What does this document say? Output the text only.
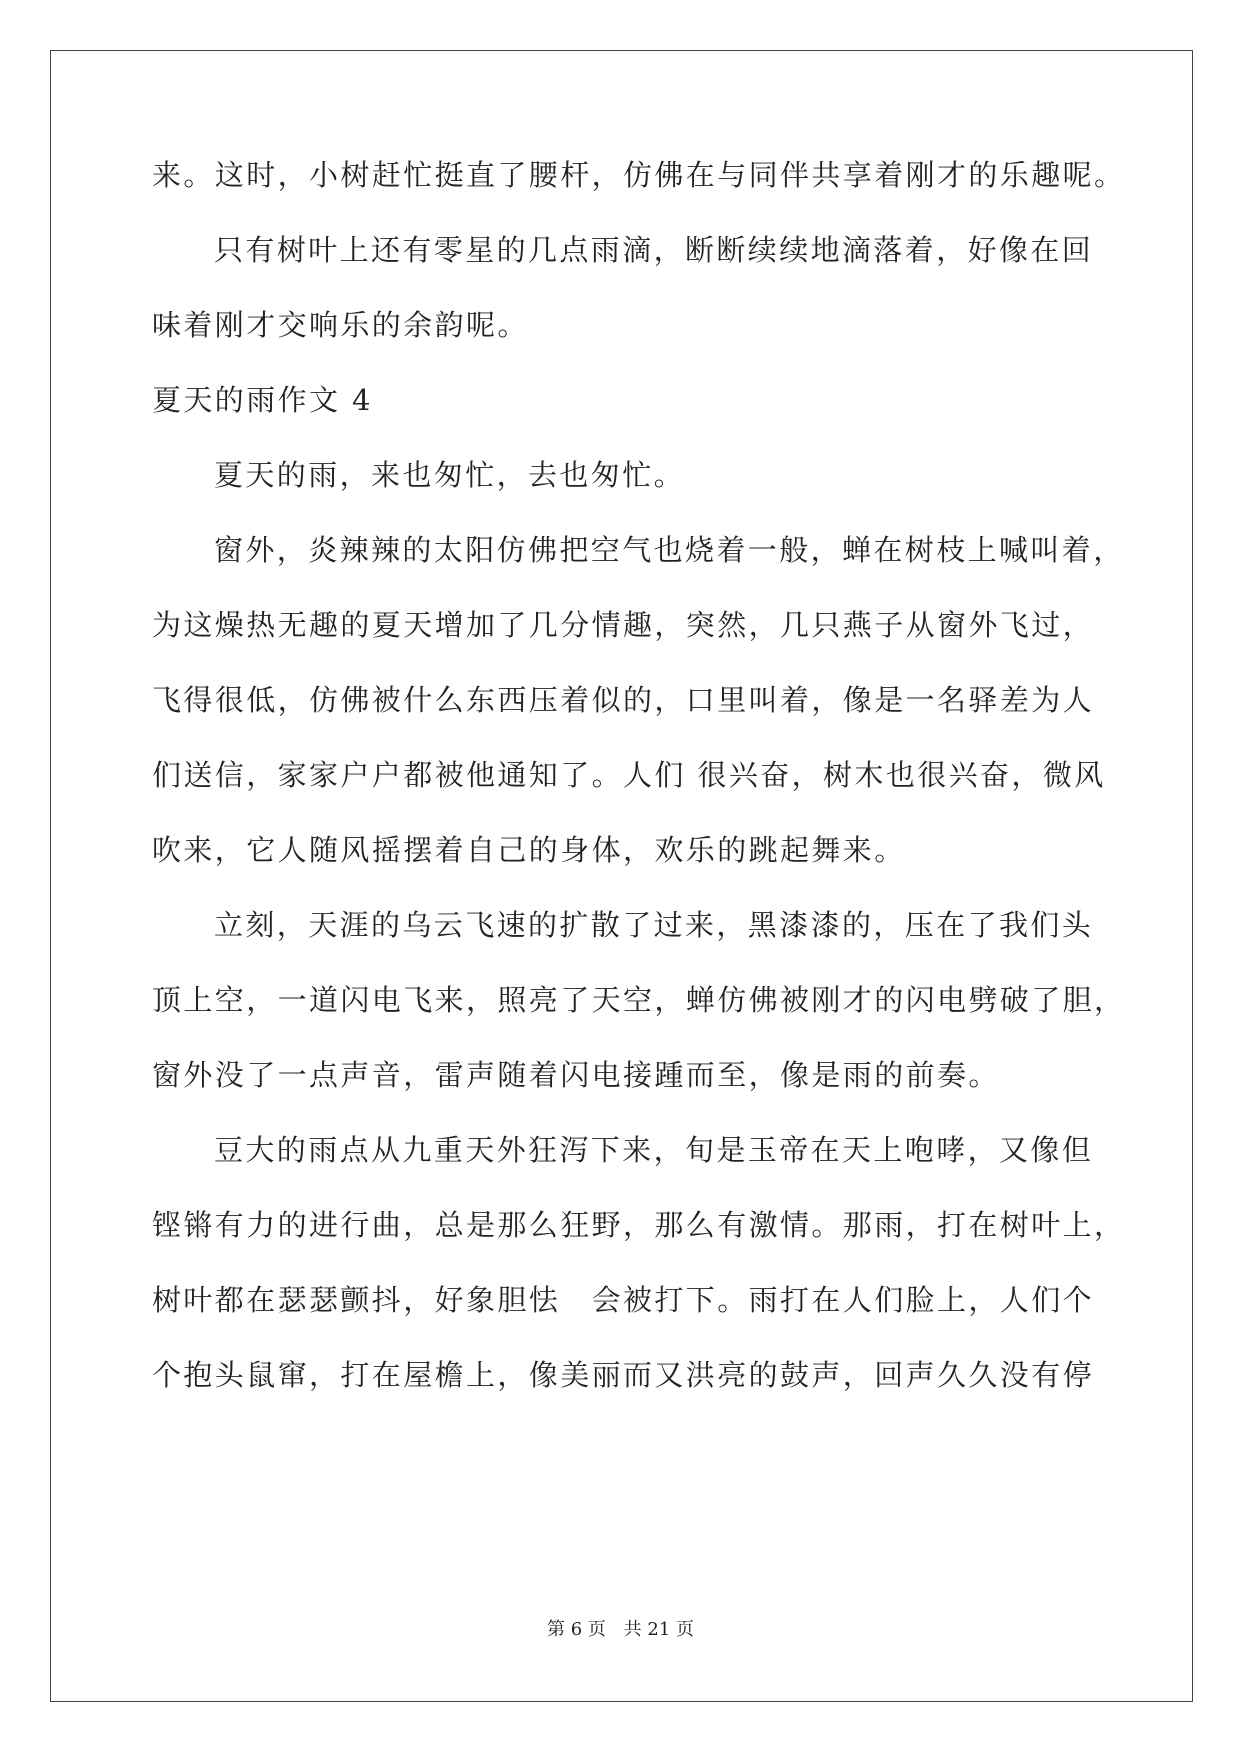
来。这时，小树赶忙挺直了腰杆，仿佛在与同伴共享着刚才的乐趣呢。
只有树叶上还有零星的几点雨滴，断断续续地滴落着，好像在回
味着刚才交响乐的余韵呢。
夏天的雨作文 4
夏天的雨，来也匆忙，去也匆忙。
窗外，炎辣辣的太阳仿佛把空气也烧着一般，蝉在树枝上喊叫着，
为这燥热无趣的夏天增加了几分情趣，突然，几只燕子从窗外飞过，
飞得很低，仿佛被什么东西压着似的，口里叫着，像是一名驿差为人
们送信，家家户户都被他通知了。人们 很兴奋，树木也很兴奋，微风
吹来，它人随风摇摆着自己的身体，欢乐的跳起舞来。
立刻，天涯的乌云飞速的扩散了过来，黑漆漆的，压在了我们头
顶上空，一道闪电飞来，照亮了天空，蝉仿佛被刚才的闪电劈破了胆，
窗外没了一点声音，雷声随着闪电接踵而至，像是雨的前奏。
豆大的雨点从九重天外狂泻下来，旬是玉帝在天上咆哮，又像但
铿锵有力的进行曲，总是那么狂野，那么有激情。那雨，打在树叶上，
树叶都在瑟瑟颤抖，好象胆怯　会被打下。雨打在人们脸上，人们个
个抱头鼠窜，打在屋檐上，像美丽而又洪亮的鼓声，回声久久没有停
第 6 页 共 21 页
